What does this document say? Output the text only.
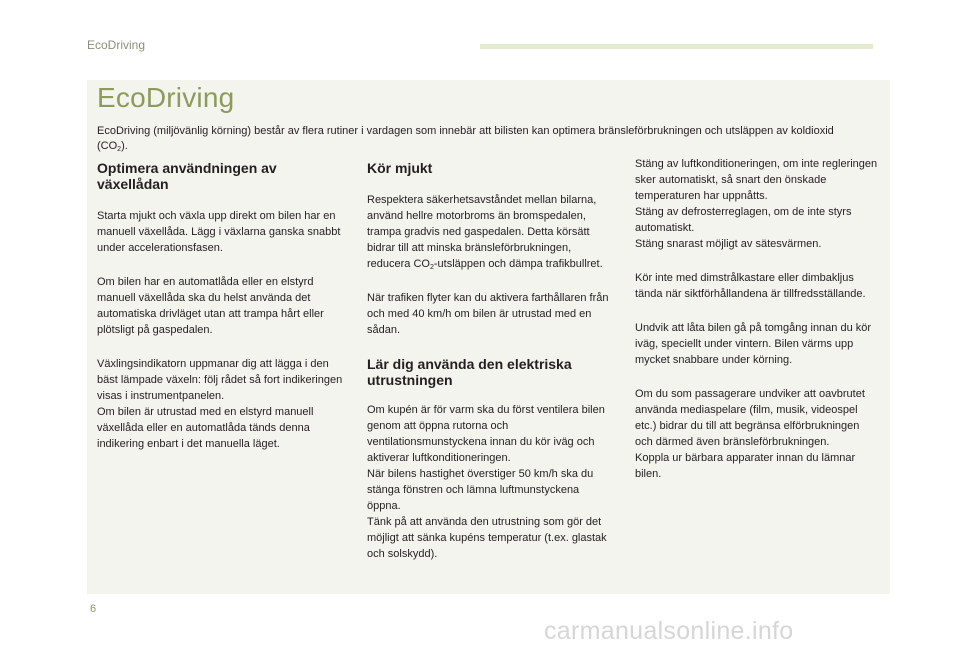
EcoDriving
EcoDriving

EcoDriving (miljövänlig körning) består av flera rutiner i vardagen som innebär att bilisten kan optimera bränsleförbrukningen och utsläppen av koldioxid $(CO_2)$.

Optimera användningen av växellådan

Starta mjukt och växla upp direkt om bilen har en manuell växellåda. Lägg i växlarna ganska snabbt under accelerationsfasen.

Om bilen har en automatlåda eller en elstyrd manuell växellåda ska du helst använda det automatiska drivläget utan att trampa hårt eller plötsligt på gaspedalen.

Växlingsindikatorn uppmanar dig att lägga i den bäst lämpade växeln: följ rådet så fort indikeringen visas i instrumentpanelen.

Om bilen är utrustad med en elstyrd manuell växellåda eller en automatlåda tänds denna indikering enbart i det manuella läget.

Kör mjukt

Respektera säkerhetsavståndet mellan bilarna, använd hellre motorbroms än bromspedalen, trampa gradvis ned gaspedalen. Detta körsätt bidrar till att minska bränsleförbrukningen, reducera $CO_2$-utsläppen och dämpa trafikbullret.

När trafiken flyter kan du aktivera farthållaren från och med 40 km/h om bilen är utrustad med en sådan.

Lär dig använda den elektriska utrustningen

Om kupén är för varm ska du först ventilera bilen genom att öppna rutorna och ventilationsmunstyckena innan du kör iväg och aktiverar luftkonditioneringen.

När bilens hastighet överstiger 50 km/h ska du stänga fönstren och lämna luftmunstyckena öppna.

Tänk på att använda den utrustning som gör det möjligt att sänka kupéns temperatur (t.ex. glastak och solskydd).

Stäng av luftkonditioneringen, om inte regleringen sker automatiskt, så snart den önskade temperaturen har uppnåtts.

Stäng av defrosterreglagen, om de inte styrs automatiskt.

Stäng snarast möjligt av sätesvärmen.

Kör inte med dimstrålkastare eller dimbakljus tända när siktförhållandena är tillfredsställande.

Undvik att låta bilen gå på tomgång innan du kör iväg, speciellt under vintern. Bilen värms upp mycket snabbare under körning.

Om du som passagerare undviker att oavbrutet använda mediaspelare (film, musik, videospel etc.) bidrar du till att begränsa elförbrukningen och därmed även bränsleförbrukningen.

Koppla ur bärbara apparater innan du lämnar bilen.

6
carmanualsonline.info
